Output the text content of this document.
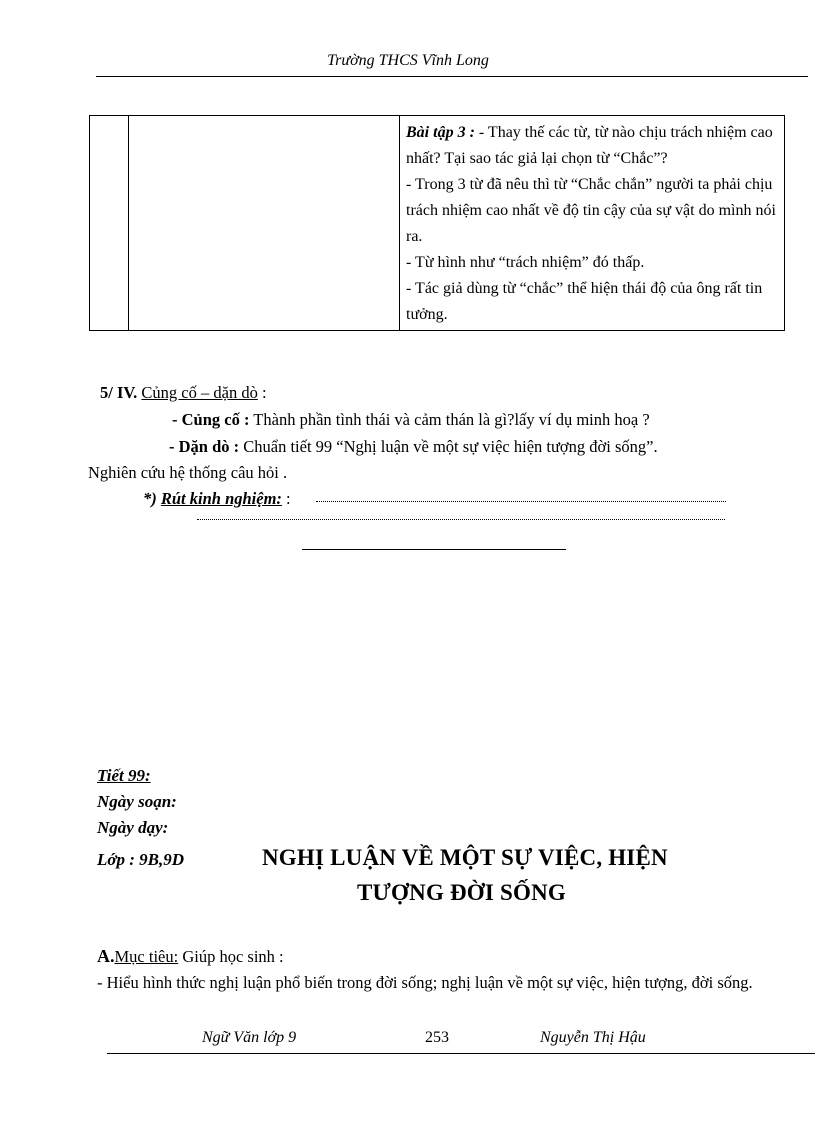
Trường THCS Vĩnh Long

Bài tập 3 : - Thay thế các từ, từ nào chịu trách nhiệm cao nhất? Tại sao tác giả lại chọn từ “Chắc”?

- Trong 3 từ đã nêu thì từ “Chắc chắn” người ta phải chịu trách nhiệm cao nhất về độ tin cậy của sự vật do mình nói ra.

- Từ hình như “trách nhiệm” đó thấp.

- Tác giả dùng từ “chắc” thể hiện thái độ của ông rất tin tưởng.

5/ IV. Củng cố – dặn dò :
- Củng cố : Thành phần tình thái và cảm thán là gì?lấy ví dụ minh hoạ ?
- Dặn dò : Chuẩn tiết 99 “Nghị luận về một sự việc hiện tượng đời sống”.
Nghiên cứu hệ thống câu hỏi .
*) Rút kinh nghiệm: :
Tiết 99:
Ngày soạn:
Ngày dạy:
Lớp : 9B,9D	NGHỊ LUẬN VỀ MỘT SỰ VIỆC, HIỆN
TƯỢNG ĐỜI SỐNG
A.Mục tiêu: Giúp học sinh :
- Hiểu hình thức nghị luận phổ biến trong đời sống; nghị luận về một sự việc, hiện tượng, đời sống.
Ngữ Văn lớp 9	253	Nguyễn Thị Hậu
